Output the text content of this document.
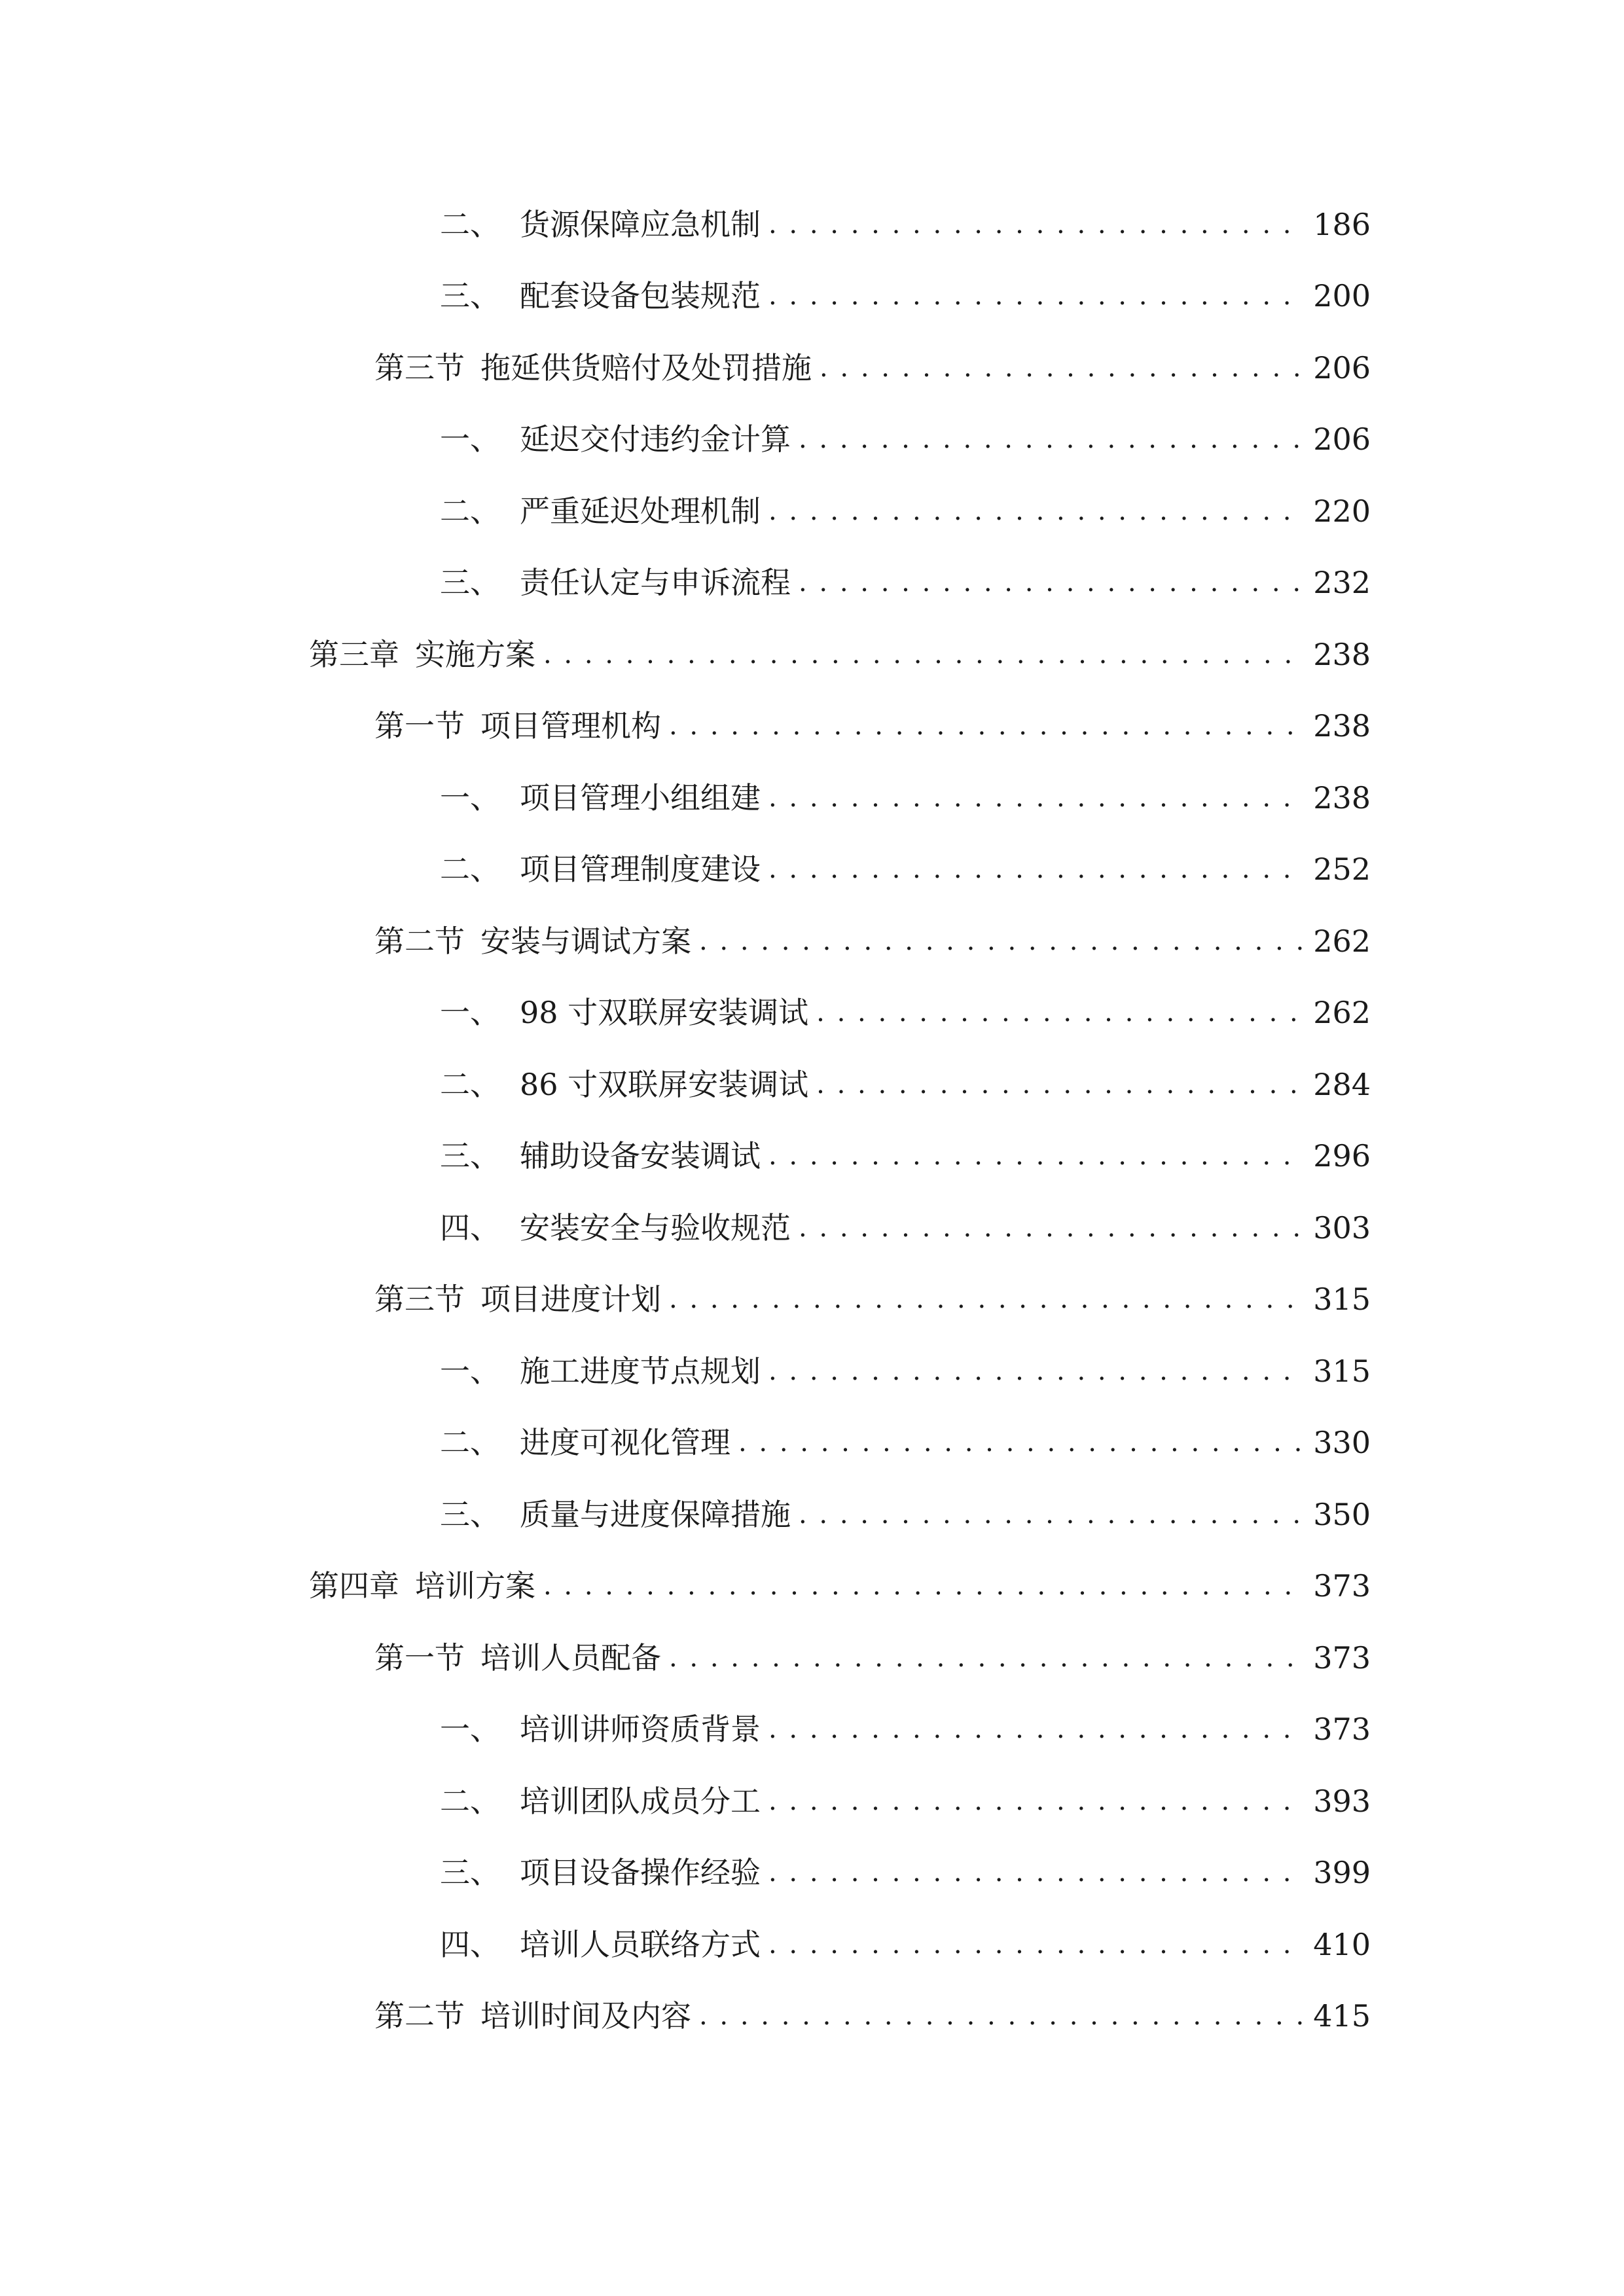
二、 货源保障应急机制 . . .	186
三、 配套设备包装规范 . . .	200
第三节 拖延供货赔付及处罚措施 . . .	206
一、 延迟交付违约金计算 . . .	206
二、 严重延迟处理机制 . . .	220
三、 责任认定与申诉流程 . . .	232
第三章 实施方案 . . .	238
第一节 项目管理机构 . . .	238
一、 项目管理小组组建 . . .	238
二、 项目管理制度建设 . . .	252
第二节 安装与调试方案 . . .	262
一、 98 寸双联屏安装调试 . . .	262
二、 86 寸双联屏安装调试 . . .	284
三、 辅助设备安装调试 . . .	296
四、 安装安全与验收规范 . . .	303
第三节 项目进度计划 . . .	315
一、 施工进度节点规划 . . .	315
二、 进度可视化管理 . . .	330
三、 质量与进度保障措施 . . .	350
第四章 培训方案 . . .	373
第一节 培训人员配备 . . .	373
一、 培训讲师资质背景 . . .	373
二、 培训团队成员分工 . . .	393
三、 项目设备操作经验 . . .	399
四、 培训人员联络方式 . . .	410
第二节 培训时间及内容 . . .	415
